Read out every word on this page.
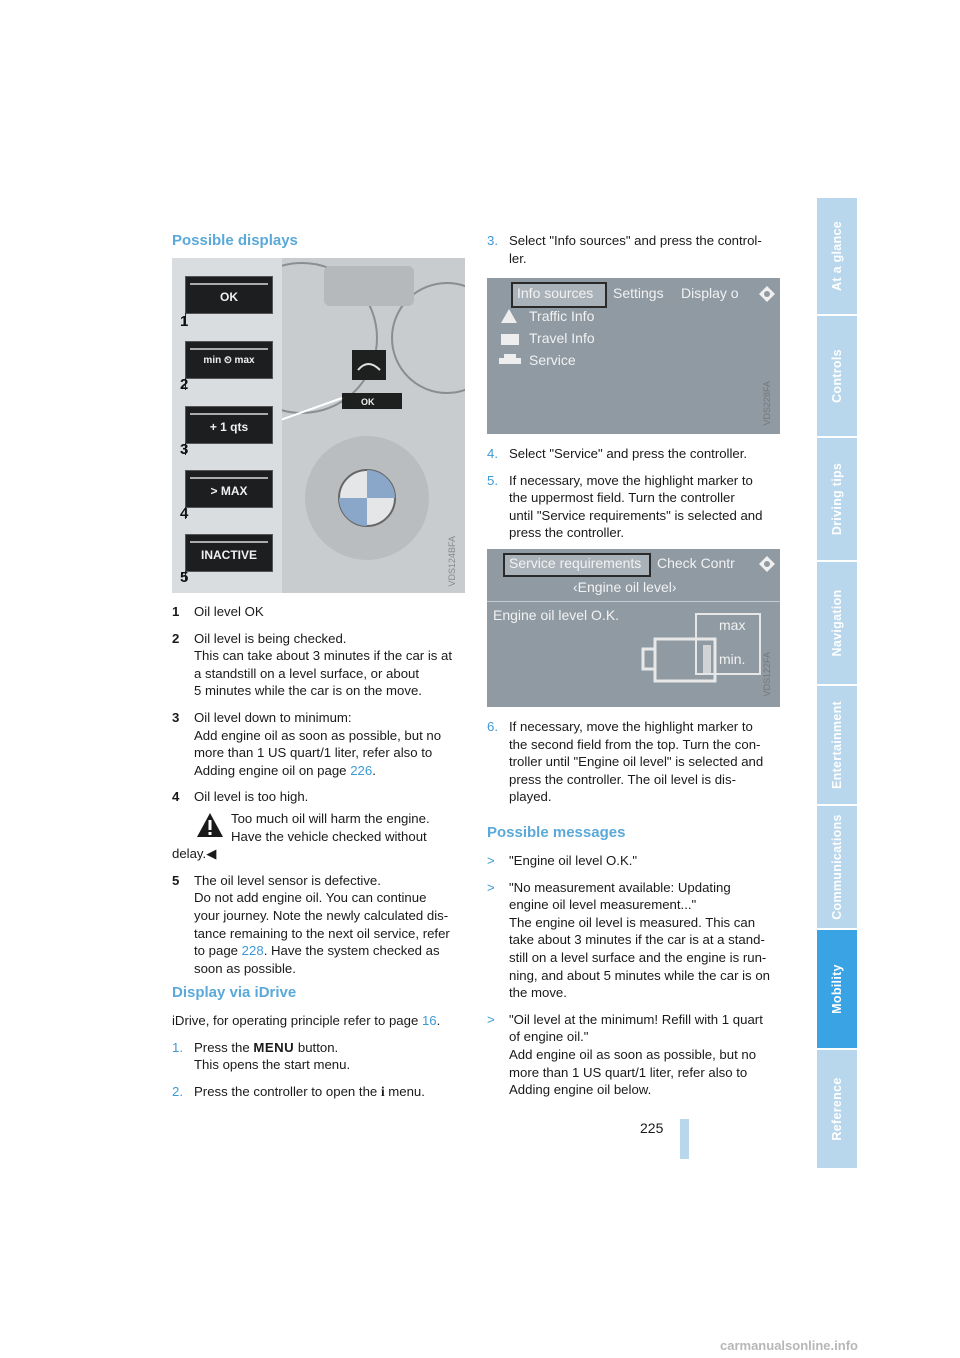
At a glance
Controls
Driving tips
Navigation
Entertainment
Communications
Mobility
Reference
Possible displays
OK
OK
1
min ⏲ max
2
+ 1 qts
3
> MAX
4
INACTIVE
5	VDS124BFA
1	Oil level OK
2	Oil level is being checked.
This can take about 3 minutes if the car is at
a standstill on a level surface, or about
5 minutes while the car is on the move.
3	Oil level down to minimum:
Add engine oil as soon as possible, but no
more than 1 US quart/1 liter, refer also to
Adding engine oil on page 226.
4	Oil level is too high.
Too much oil will harm the engine.
Have the vehicle checked without
delay.◀
5	The oil level sensor is defective.
Do not add engine oil. You can continue
your journey. Note the newly calculated dis-
tance remaining to the next oil service, refer
to page 228. Have the system checked as
soon as possible.
Display via iDrive
iDrive, for operating principle refer to page 16.
1. Press the MENU button.
This opens the start menu.
2. Press the controller to open the i menu.
3. Select "Info sources" and press the control-
ler.
Info sources Settings Display o
Traffic Info
Travel Info
Service
VDS228FA
4. Select "Service" and press the controller.
5. If necessary, move the highlight marker to
the uppermost field. Turn the controller
until "Service requirements" is selected and
press the controller.
Service requirements Check Contr
‹Engine oil level›
Engine oil level O.K.
max
min. VDS122FA
6. If necessary, move the highlight marker to
the second field from the top. Turn the con-
troller until "Engine oil level" is selected and
press the controller. The oil level is dis-
played.
Possible messages
>	"Engine oil level O.K."
>	"No measurement available: Updating
engine oil level measurement..."
The engine oil level is measured. This can
take about 3 minutes if the car is at a stand-
still on a level surface and the engine is run-
ning, and about 5 minutes while the car is on
the move.
>	"Oil level at the minimum! Refill with 1 quart
of engine oil."
Add engine oil as soon as possible, but no
more than 1 US quart/1 liter, refer also to
Adding engine oil below.
225
carmanualsonline.info
